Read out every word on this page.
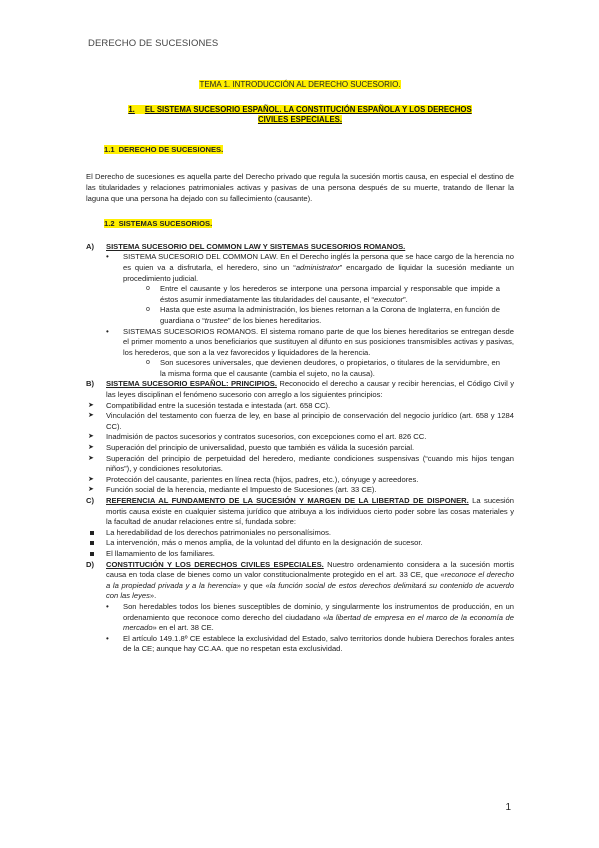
DERECHO DE SUCESIONES
TEMA 1. INTRODUCCIÓN AL DERECHO SUCESORIO.
1. EL SISTEMA SUCESORIO ESPAÑOL. LA CONSTITUCIÓN ESPAÑOLA Y LOS DERECHOS CIVILES ESPECIALES.
1.1 DERECHO DE SUCESIONES.

El Derecho de sucesiones es aquella parte del Derecho privado que regula la sucesión mortis causa, en especial el destino de las titularidades y relaciones patrimoniales activas y pasivas de una persona después de su muerte, tratando de llenar la laguna que una persona ha dejado con su fallecimiento (causante).

1.2 SISTEMAS SUCESORIOS.
A) SISTEMA SUCESORIO DEL COMMON LAW Y SISTEMAS SUCESORIOS ROMANOS.
• SISTEMA SUCESORIO DEL COMMON LAW. En el Derecho inglés la persona que se hace cargo de la herencia no es quien va a disfrutarla, el heredero, sino un “administrator” encargado de liquidar la sucesión mediante un procedimiento judicial.
o Entre el causante y los herederos se interpone una persona imparcial y responsable que impide a éstos asumir inmediatamente las titularidades del causante, el “executor”.
o Hasta que este asuma la administración, los bienes retornan a la Corona de Inglaterra, en función de guardiana o “trustee” de los bienes hereditarios.
• SISTEMAS SUCESORIOS ROMANOS. El sistema romano parte de que los bienes hereditarios se entregan desde el primer momento a unos beneficiarios que sustituyen al difunto en sus posiciones transmisibles activas y pasivas, los herederos, que son a la vez favorecidos y liquidadores de la herencia.
o Son sucesores universales, que devienen deudores, o propietarios, o titulares de la servidumbre, en la misma forma que el causante (cambia el sujeto, no la causa).
B) SISTEMA SUCESORIO ESPAÑOL: PRINCIPIOS. Reconocido el derecho a causar y recibir herencias, el Código Civil y las leyes disciplinan el fenómeno sucesorio con arreglo a los siguientes principios:
➤ Compatibilidad entre la sucesión testada e intestada (art. 658 CC).
➤ Vinculación del testamento con fuerza de ley, en base al principio de conservación del negocio jurídico (art. 658 y 1284 CC).
➤ Inadmisión de pactos sucesorios y contratos sucesorios, con excepciones como el art. 826 CC.
➤ Superación del principio de universalidad, puesto que también es válida la sucesión parcial.
➤ Superación del principio de perpetuidad del heredero, mediante condiciones suspensivas (“cuando mis hijos tengan niños”), y condiciones resolutorias.
➤ Protección del causante, parientes en línea recta (hijos, padres, etc.), cónyuge y acreedores.
➤ Función social de la herencia, mediante el Impuesto de Sucesiones (art. 33 CE).
C) REFERENCIA AL FUNDAMENTO DE LA SUCESIÓN Y MARGEN DE LA LIBERTAD DE DISPONER. La sucesión mortis causa existe en cualquier sistema jurídico que atribuya a los individuos cierto poder sobre las cosas materiales y la facultad de anudar relaciones entre sí, fundada sobre:
La heredabilidad de los derechos patrimoniales no personalísimos.
La intervención, más o menos amplia, de la voluntad del difunto en la designación de sucesor.
El llamamiento de los familiares.
D) CONSTITUCIÓN Y LOS DERECHOS CIVILES ESPECIALES. Nuestro ordenamiento considera a la sucesión mortis causa en toda clase de bienes como un valor constitucionalmente protegido en el art. 33 CE, que «reconoce el derecho a la propiedad privada y a la herencia» y que «la función social de estos derechos delimitará su contenido de acuerdo con las leyes».
• Son heredables todos los bienes susceptibles de dominio, y singularmente los instrumentos de producción, en un ordenamiento que reconoce como derecho del ciudadano «la libertad de empresa en el marco de la economía de mercado» en el art. 38 CE.
• El artículo 149.1.8º CE establece la exclusividad del Estado, salvo territorios donde hubiera Derechos forales antes de la CE; aunque hay CC.AA. que no respetan esta exclusividad.
1
